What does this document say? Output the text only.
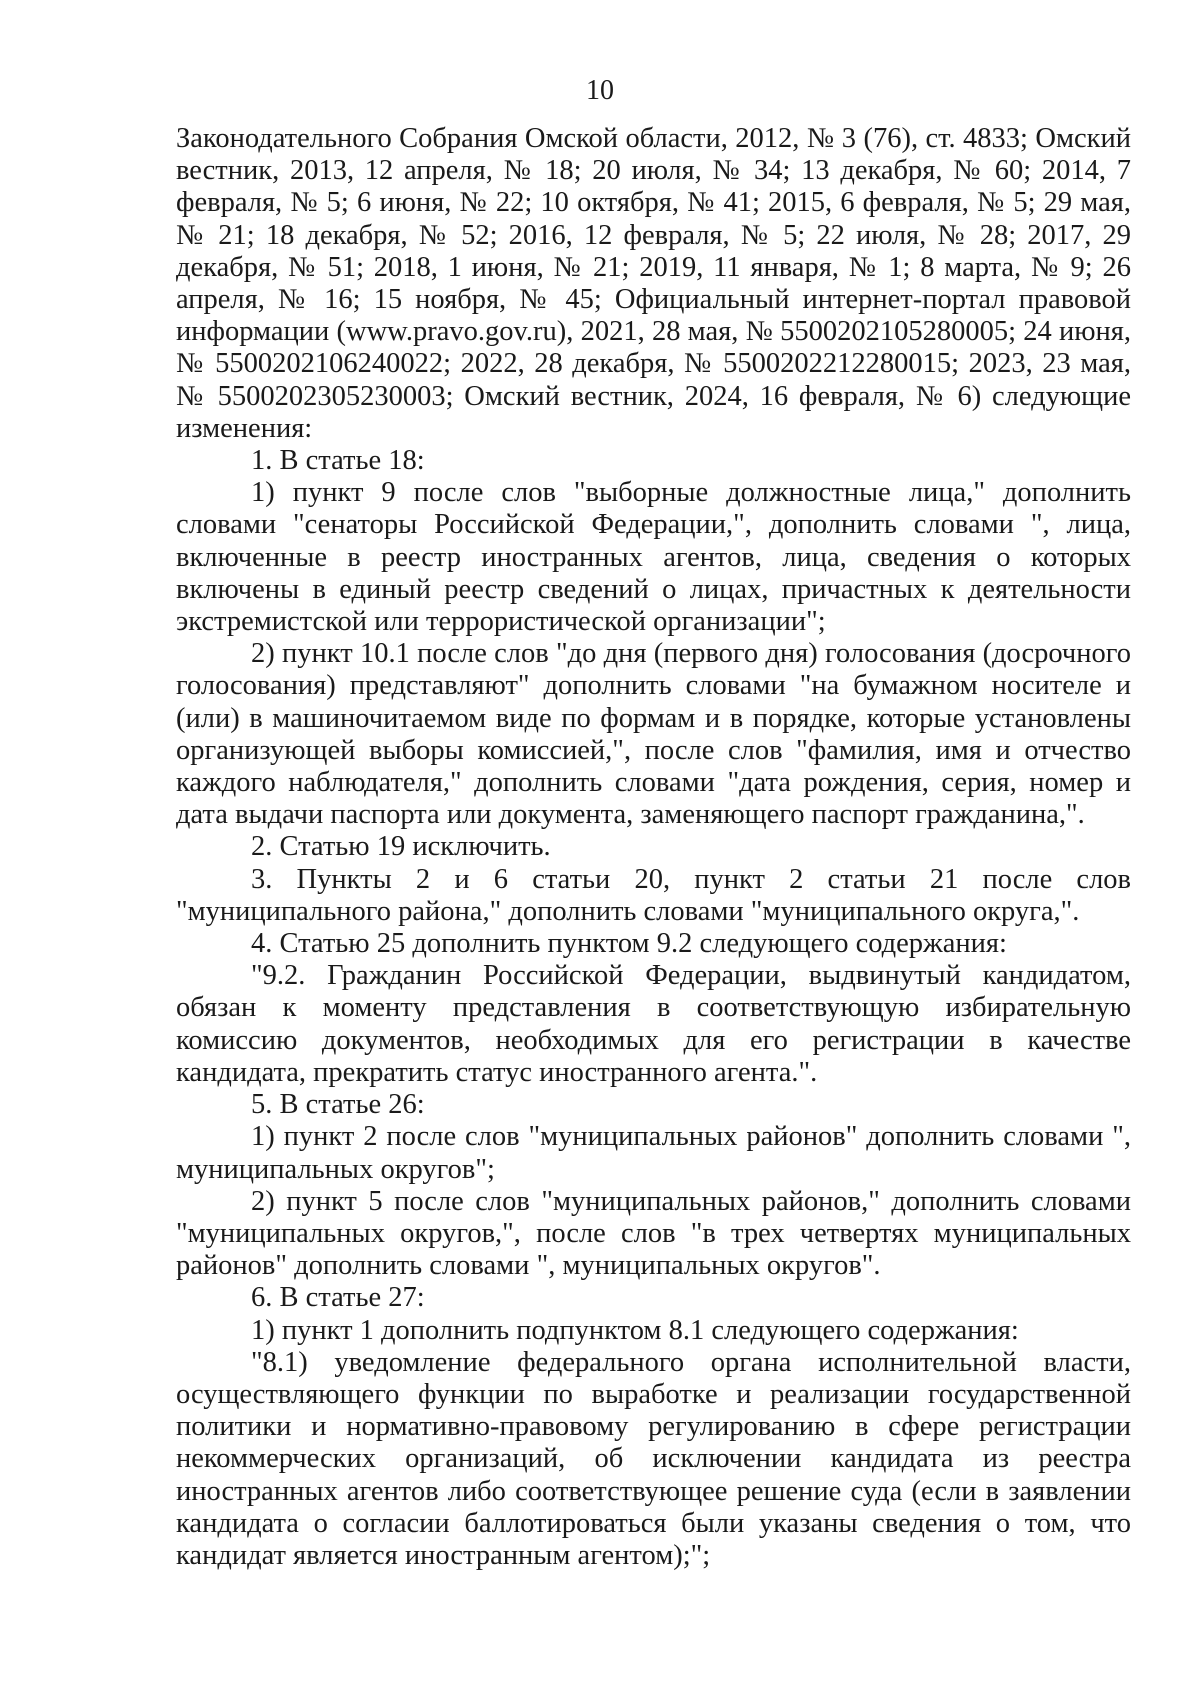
10

Законодательного Собрания Омской области, 2012, № 3 (76), ст. 4833; Омский вестник, 2013, 12 апреля, № 18; 20 июля, № 34; 13 декабря, № 60; 2014, 7 февраля, № 5; 6 июня, № 22; 10 октября, № 41; 2015, 6 февраля, № 5; 29 мая, № 21; 18 декабря, № 52; 2016, 12 февраля, № 5; 22 июля, № 28; 2017, 29 декабря, № 51; 2018, 1 июня, № 21; 2019, 11 января, № 1; 8 марта, № 9; 26 апреля, № 16; 15 ноября, № 45; Официальный интернет-портал правовой информации (www.pravo.gov.ru), 2021, 28 мая, № 5500202105280005; 24 июня, № 5500202106240022; 2022, 28 декабря, № 5500202212280015; 2023, 23 мая, № 5500202305230003; Омский вестник, 2024, 16 февраля, № 6) следующие изменения:

1. В статье 18:

1) пункт 9 после слов "выборные должностные лица," дополнить словами "сенаторы Российской Федерации,", дополнить словами ", лица, включенные в реестр иностранных агентов, лица, сведения о которых включены в единый реестр сведений о лицах, причастных к деятельности экстремистской или террористической организации";

2) пункт 10.1 после слов "до дня (первого дня) голосования (досрочного голосования) представляют" дополнить словами "на бумажном носителе и (или) в машиночитаемом виде по формам и в порядке, которые установлены организующей выборы комиссией,", после слов "фамилия, имя и отчество каждого наблюдателя," дополнить словами "дата рождения, серия, номер и дата выдачи паспорта или документа, заменяющего паспорт гражданина,".

2. Статью 19 исключить.

3. Пункты 2 и 6 статьи 20, пункт 2 статьи 21 после слов "муниципального района," дополнить словами "муниципального округа,".

4. Статью 25 дополнить пунктом 9.2 следующего содержания:

"9.2. Гражданин Российской Федерации, выдвинутый кандидатом, обязан к моменту представления в соответствующую избирательную комиссию документов, необходимых для его регистрации в качестве кандидата, прекратить статус иностранного агента.".

5. В статье 26:

1) пункт 2 после слов "муниципальных районов" дополнить словами ", муниципальных округов";

2) пункт 5 после слов "муниципальных районов," дополнить словами "муниципальных округов,", после слов "в трех четвертях муниципальных районов" дополнить словами ", муниципальных округов".

6. В статье 27:

1) пункт 1 дополнить подпунктом 8.1 следующего содержания:

"8.1) уведомление федерального органа исполнительной власти, осуществляющего функции по выработке и реализации государственной политики и нормативно-правовому регулированию в сфере регистрации некоммерческих организаций, об исключении кандидата из реестра иностранных агентов либо соответствующее решение суда (если в заявлении кандидата о согласии баллотироваться были указаны сведения о том, что кандидат является иностранным агентом);";
